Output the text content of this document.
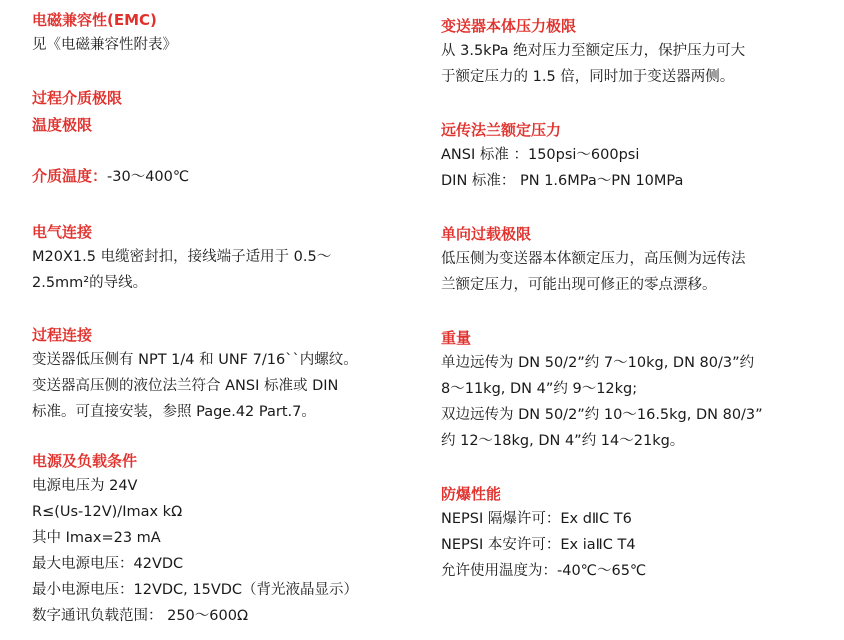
电磁兼容性(EMC)
见《电磁兼容性附表》
过程介质极限
温度极限
介质温度：-30～400℃
电气连接
M20X1.5 电缆密封扣，接线端子适用于 0.5～
2.5mm²的导线。
过程连接
变送器低压侧有 NPT 1/4 和 UNF 7/16``内螺纹。
变送器高压侧的液位法兰符合 ANSI 标准或 DIN
标准。可直接安装，参照 Page.42 Part.7。
电源及负载条件
电源电压为 24V
R≤(Us-12V)/Imax kΩ
其中 Imax=23 mA
最大电源电压：42VDC
最小电源电压：12VDC, 15VDC（背光液晶显示）
数字通讯负载范围： 250～600Ω
变送器本体压力极限
从 3.5kPa 绝对压力至额定压力，保护压力可大
于额定压力的 1.5 倍，同时加于变送器两侧。
远传法兰额定压力
ANSI 标准 ：150psi～600psi
DIN 标准： PN 1.6MPa～PN 10MPa
单向过载极限
低压侧为变送器本体额定压力，高压侧为远传法
兰额定压力，可能出现可修正的零点漂移。
重量
单边远传为 DN 50/2”约 7～10kg, DN 80/3”约
8～11kg, DN 4”约 9～12kg;
双边远传为 DN 50/2”约 10～16.5kg, DN 80/3”
约 12～18kg, DN 4”约 14～21kg。
防爆性能
NEPSI 隔爆许可：Ex dⅡC T6
NEPSI 本安许可：Ex iaⅡC T4
允许使用温度为：-40℃～65℃
